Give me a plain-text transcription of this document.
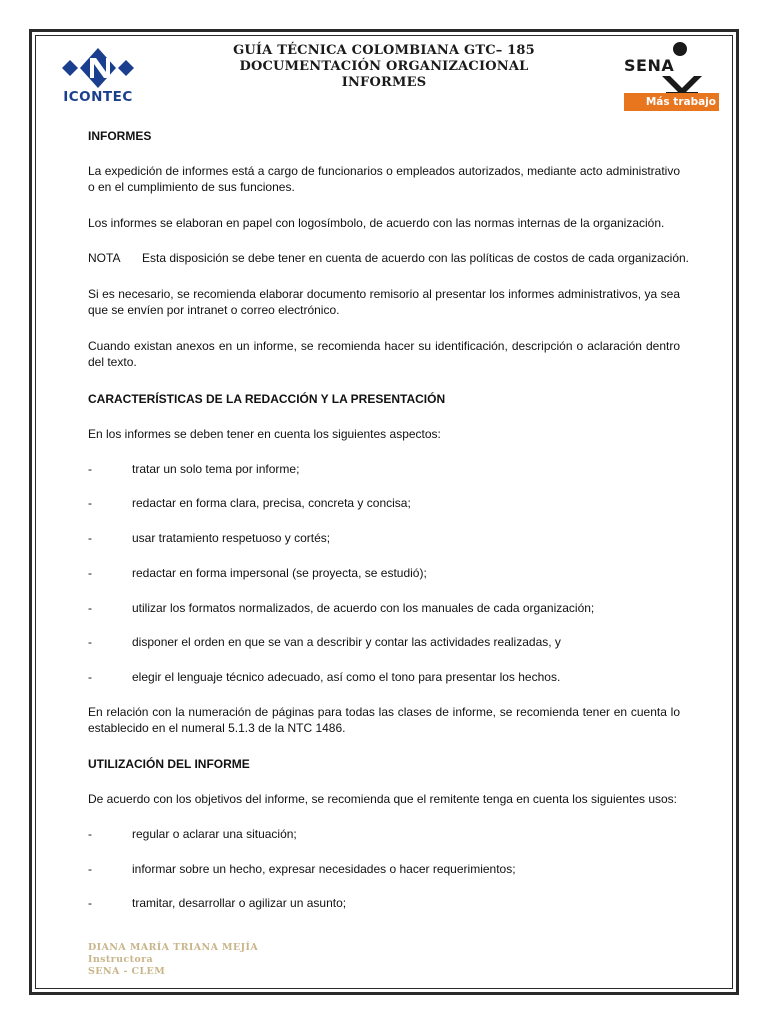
ICONTEC
SENA
Más trabajo
GUÍA TÉCNICA COLOMBIANA GTC– 185
DOCUMENTACIÓN ORGANIZACIONAL
INFORMES
INFORMES

La expedición de informes está a cargo de funcionarios o empleados autorizados, mediante acto administrativo o en el cumplimiento de sus funciones.

Los informes se elaboran en papel con logosímbolo, de acuerdo con las normas internas de la organización.

NOTA Esta disposición se debe tener en cuenta de acuerdo con las políticas de costos de cada organización.

Si es necesario, se recomienda elaborar documento remisorio al presentar los informes administrativos, ya sea que se envíen por intranet o correo electrónico.

Cuando existan anexos en un informe, se recomienda hacer su identificación, descripción o aclaración dentro del texto.

CARACTERÍSTICAS DE LA REDACCIÓN Y LA PRESENTACIÓN

En los informes se deben tener en cuenta los siguientes aspectos:

-	tratar un solo tema por informe;
-	redactar en forma clara, precisa, concreta y concisa;
-	usar tratamiento respetuoso y cortés;
-	redactar en forma impersonal (se proyecta, se estudió);
-	utilizar los formatos normalizados, de acuerdo con los manuales de cada organización;
-	disponer el orden en que se van a describir y contar las actividades realizadas, y
-	elegir el lenguaje técnico adecuado, así como el tono para presentar los hechos.

En relación con la numeración de páginas para todas las clases de informe, se recomienda tener en cuenta lo establecido en el numeral 5.1.3 de la NTC 1486.

UTILIZACIÓN DEL INFORME

De acuerdo con los objetivos del informe, se recomienda que el remitente tenga en cuenta los siguientes usos:

-	regular o aclarar una situación;
-	informar sobre un hecho, expresar necesidades o hacer requerimientos;
-	tramitar, desarrollar o agilizar un asunto;
DIANA MARÍA TRIANA MEJÍA
Instructora
SENA - CLEM
